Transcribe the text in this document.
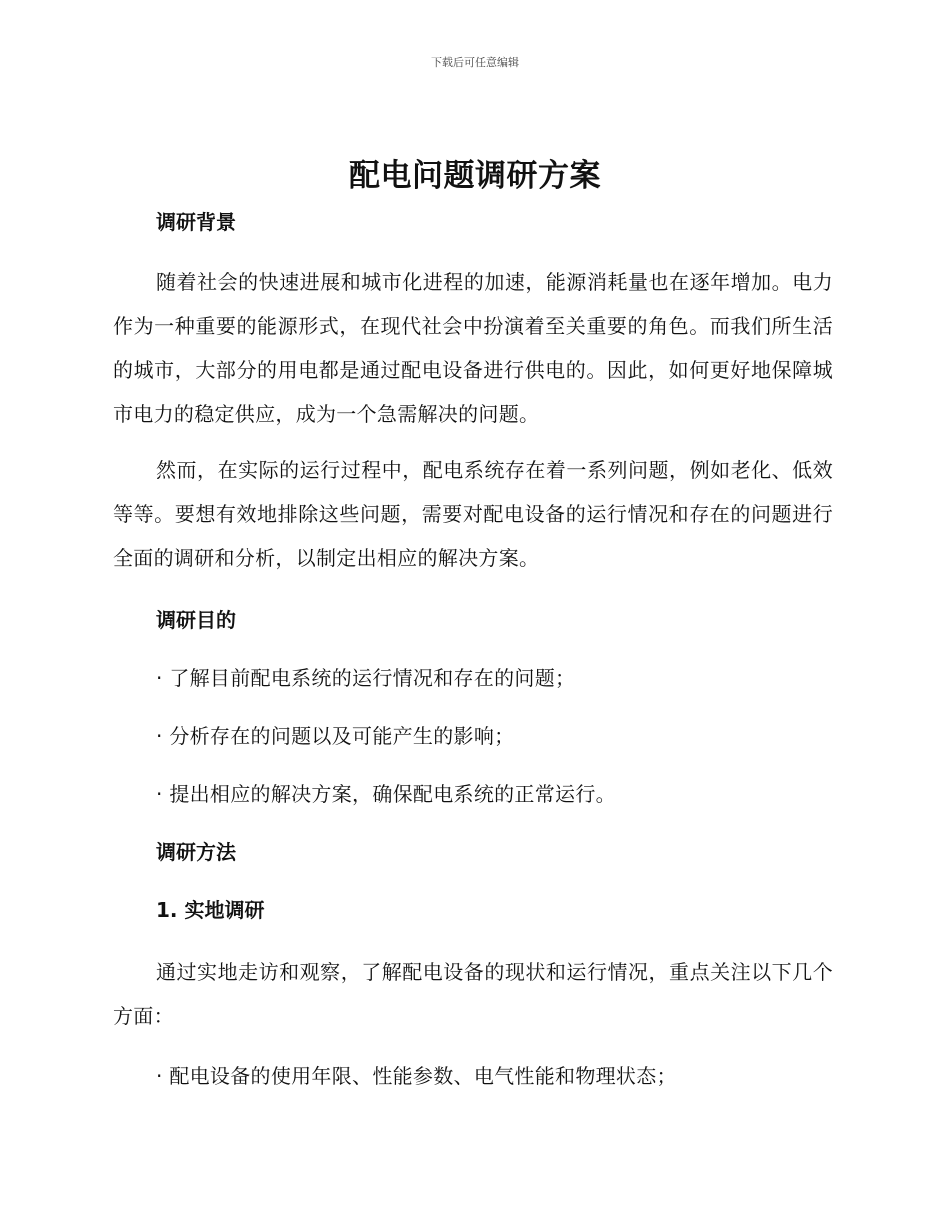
下载后可任意编辑
配电问题调研方案
调研背景

随着社会的快速进展和城市化进程的加速，能源消耗量也在逐年增加。电力作为一种重要的能源形式，在现代社会中扮演着至关重要的角色。而我们所生活的城市，大部分的用电都是通过配电设备进行供电的。因此，如何更好地保障城市电力的稳定供应，成为一个急需解决的问题。

然而，在实际的运行过程中，配电系统存在着一系列问题，例如老化、低效等等。要想有效地排除这些问题，需要对配电设备的运行情况和存在的问题进行全面的调研和分析，以制定出相应的解决方案。

调研目的

· 了解目前配电系统的运行情况和存在的问题；

· 分析存在的问题以及可能产生的影响；

· 提出相应的解决方案，确保配电系统的正常运行。

调研方法
1. 实地调研

通过实地走访和观察，了解配电设备的现状和运行情况，重点关注以下几个方面：

· 配电设备的使用年限、性能参数、电气性能和物理状态；
